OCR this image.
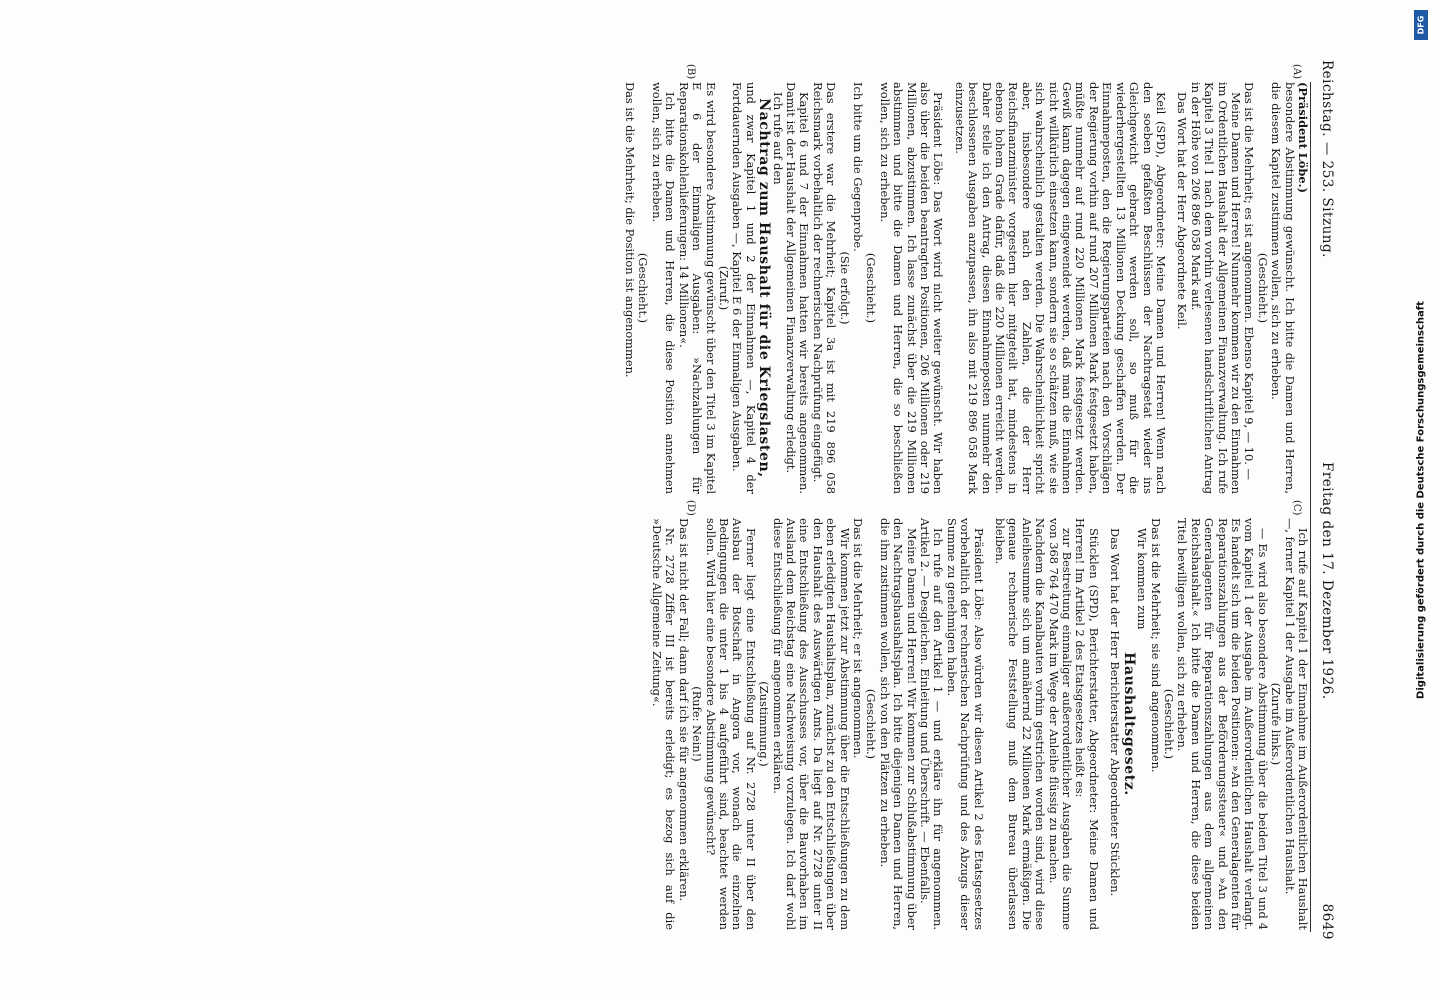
Reichstag. — 253. Sitzung.
Freitag den 17. Dezember 1926.
8649
(A)
(B)
(C)
(D)

(Präsident Löbe.)

besondere Abstimmung gewünscht. Ich bitte die Damen und Herren, die diesem Kapitel zustimmen wollen, sich zu erheben.

(Geschieht.)

Das ist die Mehrheit; es ist angenommen. Ebenso Kapitel 9, — 10. —

Meine Damen und Herren! Nunmehr kommen wir zu den Einnahmen im Ordentlichen Haushalt der Allgemeinen Finanzverwaltung. Ich rufe Kapitel 3 Titel 1 nach dem vorhin verlesenen handschriftlichen Antrag in der Höhe von 206 896 058 Mark auf.

Das Wort hat der Herr Abgeordnete Keil.

Keil (SPD), Abgeordneter: Meine Damen und Herren! Wenn nach den soeben gefaßten Beschlüssen der Nachtragsetat wieder ins Gleichgewicht gebracht werden soll, so muß für die wiederhergestellten 13 Millionen Deckung geschaffen werden. Der Einnahmeposten, den die Regierungsparteien nach den Vorschlägen der Regierung vorhin auf rund 207 Millionen Mark festgesetzt haben, müßte nunmehr auf rund 220 Millionen Mark festgesetzt werden. Gewiß kann dagegen eingewendet werden, daß man die Einnahmen nicht willkürlich einsetzen kann, sondern sie so schätzen muß, wie sie sich wahrscheinlich gestalten werden. Die Wahrscheinlichkeit spricht aber, insbesondere nach den Zahlen, die der Herr Reichsfinanzminister vorgestern hier mitgeteilt hat, mindestens in ebenso hohem Grade dafür, daß die 220 Millionen erreicht werden. Daher stelle ich den Antrag, diesen Einnahmeposten nunmehr den beschlossenen Ausgaben anzupassen, ihn also mit 219 896 058 Mark einzusetzen.

Präsident Löbe: Das Wort wird nicht weiter gewünscht. Wir haben also über die beiden beantragten Positionen, 206 Millionen oder 219 Millionen, abzustimmen. Ich lasse zunächst über die 219 Millionen abstimmen und bitte die Damen und Herren, die so beschließen wollen, sich zu erheben.

(Geschieht.)

Ich bitte um die Gegenprobe.

(Sie erfolgt.)

Das erstere war die Mehrheit; Kapitel 3a ist mit 219 896 058 Reichsmark vorbehaltlich der rechnerischen Nachprüfung eingefügt.

Kapitel 6 und 7 der Einnahmen hatten wir bereits angenommen. Damit ist der Haushalt der Allgemeinen Finanzverwaltung erledigt.

Ich rufe auf den

Nachtrag zum Haushalt für die Kriegslasten,

und zwar Kapitel 1 und 2 der Einnahmen —, Kapitel 4 der Fortdauernden Ausgaben —, Kapitel E 6 der Einmaligen Ausgaben.

(Zuruf.)

Es wird besondere Abstimmung gewünscht über den Titel 3 im Kapitel E 6 der Einmaligen Ausgaben: »Nachzahlungen für Reparationskohlenlieferungen: 14 Millionen«.

Ich bitte die Damen und Herren, die diese Position annehmen wollen, sich zu erheben.

(Geschieht.)

Das ist die Mehrheit; die Position ist angenommen.

Ich rufe auf Kapitel 1 der Einnahme im Außerordentlichen Haushalt —, ferner Kapitel 1 der Ausgabe im Außerordentlichen Haushalt.

(Zurufe links.)

— Es wird also besondere Abstimmung über die beiden Titel 3 und 4 vom Kapitel 1 der Ausgabe im Außerordentlichen Haushalt verlangt. Es handelt sich um die beiden Positionen: »An den Generalagenten für Reparationszahlungen aus der Beförderungssteuer« und »An den Generalagenten für Reparationszahlungen aus dem allgemeinen Reichshaushalt.« Ich bitte die Damen und Herren, die diese beiden Titel bewilligen wollen, sich zu erheben.

(Geschieht.)

Das ist die Mehrheit; sie sind angenommen.

Wir kommen zum

Haushaltsgesetz.

Das Wort hat der Herr Berichterstatter Abgeordneter Stücklen.

Stücklen (SPD), Berichterstatter, Abgeordneter: Meine Damen und Herren! Im Artikel 2 des Etatsgesetzes heißt es:

zur Bestreitung einmaliger außerordentlicher Ausgaben die Summe von 368 764 470 Mark im Wege der Anleihe flüssig zu machen.

Nachdem die Kanalbauten vorhin gestrichen worden sind, wird diese Anleihesumme sich um annähernd 22 Millionen Mark ermäßigen. Die genaue rechnerische Feststellung muß dem Bureau überlassen bleiben.

Präsident Löbe: Also würden wir diesen Artikel 2 des Etatsgesetzes vorbehaltlich der rechnerischen Nachprüfung und des Abzugs dieser Summe zu genehmigen haben.

Ich rufe auf den Artikel 1 — und erkläre ihn für angenommen. Artikel 2. — Desgleichen. Einleitung und Überschrift. — Ebenfalls.

Meine Damen und Herren! Wir kommen zur Schlußabstimmung über den Nachtragshaushaltsplan. Ich bitte diejenigen Damen und Herren, die ihm zustimmen wollen, sich von den Plätzen zu erheben.

(Geschieht.)

Das ist die Mehrheit; er ist angenommen.

Wir kommen jetzt zur Abstimmung über die Entschließungen zu dem eben erledigten Haushaltsplan, zunächst zu den Entschließungen über den Haushalt des Auswärtigen Amts. Da liegt auf Nr. 2728 unter II eine Entschließung des Ausschusses vor, über die Bauvorhaben im Ausland dem Reichstag eine Nachweisung vorzulegen. Ich darf wohl diese Entschließung für angenommen erklären.

(Zustimmung.)

Ferner liegt eine Entschließung auf Nr. 2728 unter II über den Ausbau der Botschaft in Angora vor, wonach die einzelnen Bedingungen die unter 1 bis 4 aufgeführt sind, beachtet werden sollen. Wird hier eine besondere Abstimmung gewünscht?

(Rufe: Nein!)

Das ist nicht der Fall; dann darf ich sie für angenommen erklären.

Nr. 2728 Ziffer III ist bereits erledigt; es bezog sich auf die »Deutsche Allgemeine Zeitung«.

DFG
Digitalisierung gefördert durch die Deutsche Forschungsgemeinschaft
